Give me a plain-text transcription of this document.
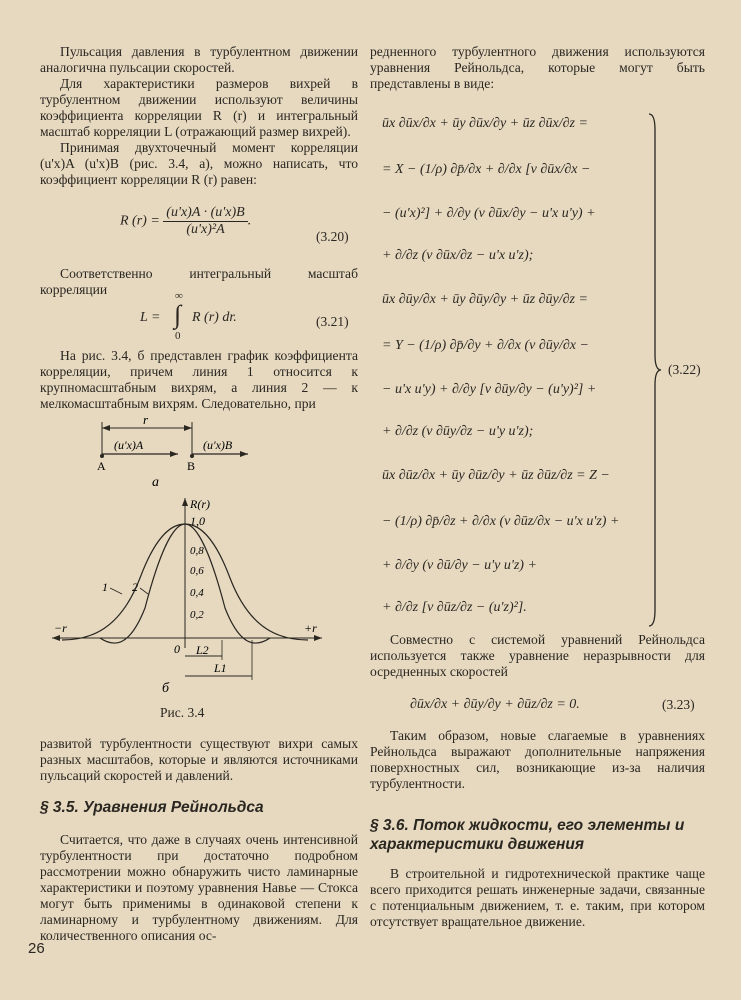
Пульсация давления в турбулентном движении аналогична пульсации скоростей.

Для характеристики размеров вихрей в турбулентном движении используют величины коэффициента корреляции R (r) и интегральный масштаб корреляции L (отражающий размер вихрей).

Принимая двухточечный момент корреляции (u'x)A (u'x)B (рис. 3.4, а), можно написать, что коэффициент корреляции R (r) равен:

R $(r) = \frac{(u'x)A \cdot (u'x)B}{\text{(u'x)²A}}$ .
(3.20)

Соответственно интегральный масштаб корреляции

L =
∞
∫
0
R (r) dr.	(3.21)

На рис. 3.4, б представлен график коэффициента корреляции, причем линия 1 относится к крупномасштабным вихрям, а линия 2 — к мелкомасштабным вихрям. Следовательно, при

r
(u'x)A	(u'x)B
A	B
а
R(r)
1,0
0,8
0,6
0,4
0,2
0
−r	+r
1 2
L2
L1
б
Рис. 3.4

развитой турбулентности существуют вихри самых разных масштабов, которые и являются источниками пульсаций скоростей и давлений.

§ 3.5. Уравнения Рейнольдса

Считается, что даже в случаях очень интенсивной турбулентности при достаточно подробном рассмотрении можно обнаружить чисто ламинарные характеристики и поэтому уравнения Навье — Стокса могут быть применимы в одинаковой степени к ламинарному и турбулентному движениям. Для количественного описания ос-

26

редненного турбулентного движения используются уравнения Рейнольдса, которые могут быть представлены в виде:

ūx ∂ūx/∂x + ūy ∂ūx/∂y + ūz ∂ūx/∂z =
= X − (1/ρ) ∂p̄/∂x + ∂/∂x [ν ∂ūx/∂x −
− (u'x)²] + ∂/∂y (ν ∂ūx/∂y − u'x u'y) +
+ ∂/∂z (ν ∂ūx/∂z − u'x u'z);
ūx ∂ūy/∂x + ūy ∂ūy/∂y + ūz ∂ūy/∂z =
= Y − (1/ρ) ∂p̄/∂y + ∂/∂x (ν ∂ūy/∂x −
− u'x u'y) + ∂/∂y [ν ∂ūy/∂y − (u'y)²] +
+ ∂/∂z (ν ∂ūy/∂z − u'y u'z);
ūx ∂ūz/∂x + ūy ∂ūz/∂y + ūz ∂ūz/∂z = Z −
− (1/ρ) ∂p̄/∂z + ∂/∂x (ν ∂ūz/∂x − u'x u'z) +
+ ∂/∂y (ν ∂ū/∂y − u'y u'z) +
+ ∂/∂z [ν ∂ūz/∂z − (u'z)²].
(3.22)

Совместно с системой уравнений Рейнольдса используется также уравнение неразрывности для осредненных скоростей

∂ūx/∂x + ∂ūy/∂y + ∂ūz/∂z = 0.	(3.23)

Таким образом, новые слагаемые в уравнениях Рейнольдса выражают дополнительные напряжения поверхностных сил, возникающие из-за наличия турбулентности.

§ 3.6. Поток жидкости, его элементы и характеристики движения

В строительной и гидротехнической практике чаще всего приходится решать инженерные задачи, связанные с потенциальным движением, т. е. таким, при котором отсутствует вращательное движение.
